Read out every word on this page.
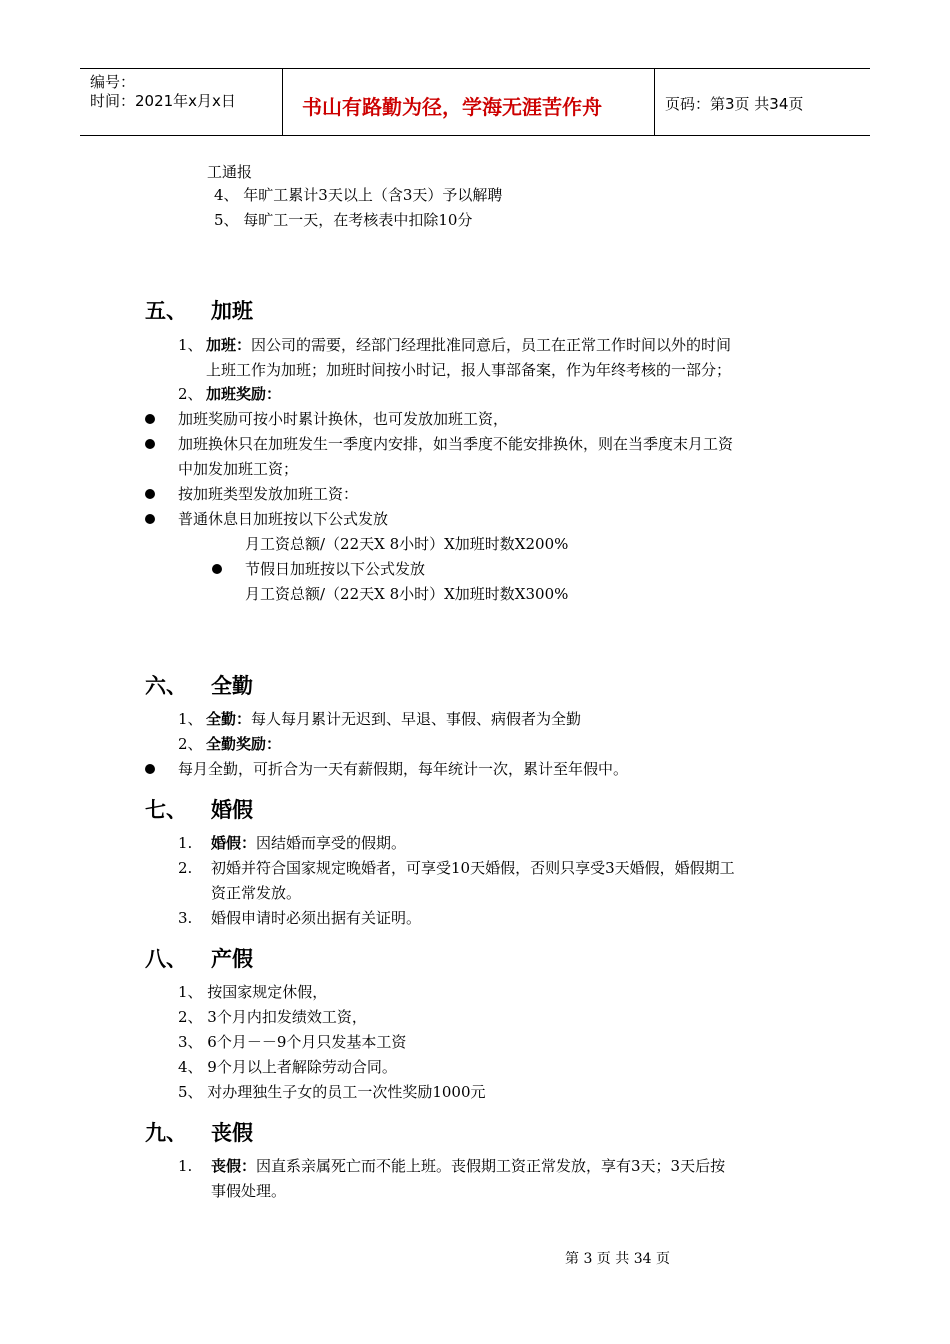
编号：
时间：2021年x月x日	书山有路勤为径，学海无涯苦作舟	页码：第3页 共34页
工通报
4、 年旷工累计3天以上（含3天）予以解聘
5、 每旷工一天，在考核表中扣除10分
五、 加班
1、 加班：因公司的需要，经部门经理批准同意后，员工在正常工作时间以外的时间
上班工作为加班；加班时间按小时记，报人事部备案，作为年终考核的一部分；
2、 加班奖励：
加班奖励可按小时累计换休，也可发放加班工资，
加班换休只在加班发生一季度内安排，如当季度不能安排换休，则在当季度末月工资
中加发加班工资；
按加班类型发放加班工资：
普通休息日加班按以下公式发放
月工资总额/（22天X 8小时）X加班时数X200%
节假日加班按以下公式发放
月工资总额/（22天X 8小时）X加班时数X300%
六、 全勤
1、 全勤：每人每月累计无迟到、早退、事假、病假者为全勤
2、 全勤奖励：
每月全勤，可折合为一天有薪假期，每年统计一次，累计至年假中。
七、 婚假
1. 婚假：因结婚而享受的假期。
2. 初婚并符合国家规定晚婚者，可享受10天婚假，否则只享受3天婚假，婚假期工
资正常发放。
3. 婚假申请时必须出据有关证明。
八、 产假
1、 按国家规定休假，
2、 3个月内扣发绩效工资，
3、 6个月－－9个月只发基本工资
4、 9个月以上者解除劳动合同。
5、 对办理独生子女的员工一次性奖励1000元
九、 丧假
1. 丧假：因直系亲属死亡而不能上班。丧假期工资正常发放，享有3天；3天后按
事假处理。
第 3 页 共 34 页
